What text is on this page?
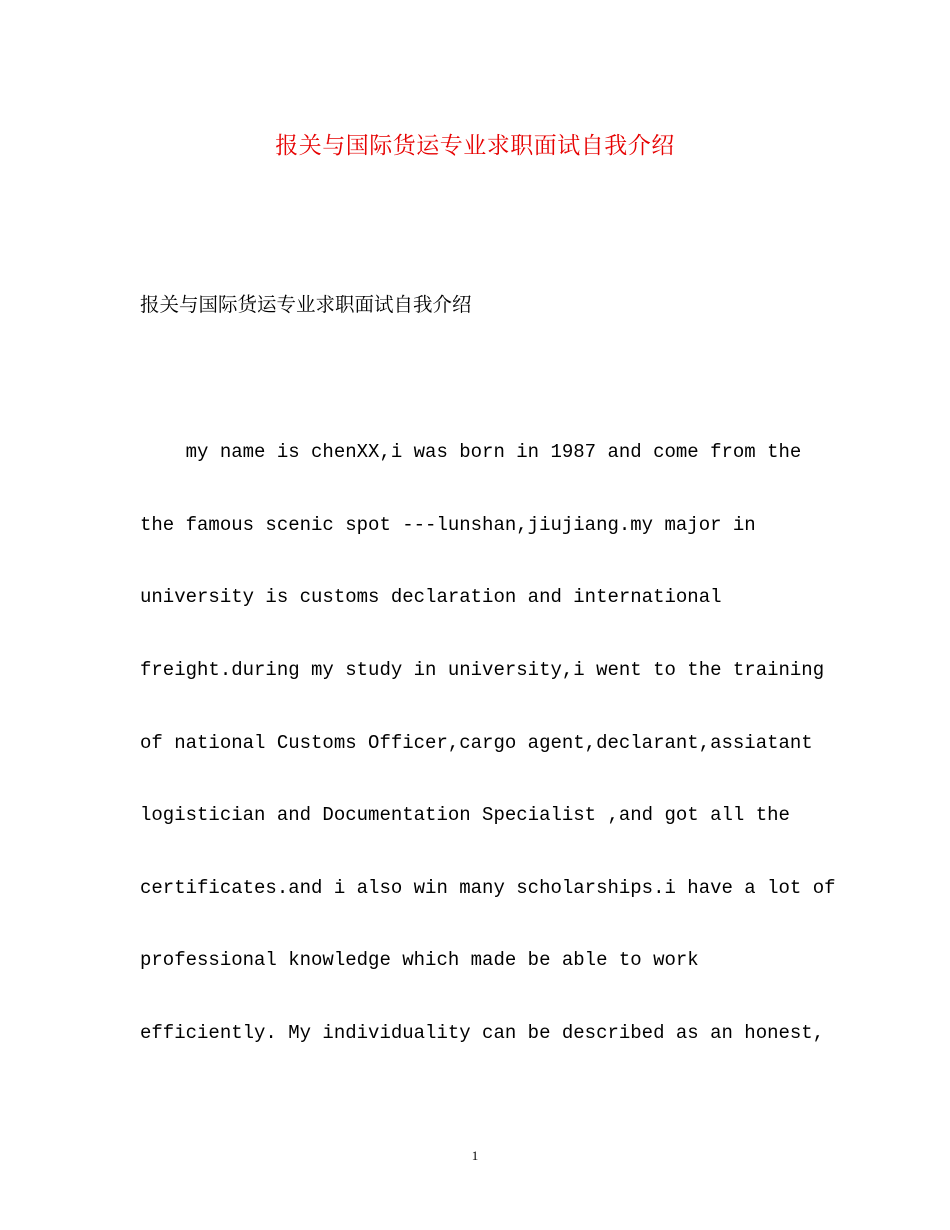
报关与国际货运专业求职面试自我介绍
报关与国际货运专业求职面试自我介绍
my name is chenXX,i was born in 1987 and come from the
the famous scenic spot ---lunshan,jiujiang.my major in
university is customs declaration and international
freight.during my study in university,i went to the training
of national Customs Officer,cargo agent,declarant,assiatant
logistician and Documentation Specialist ,and got all the
certificates.and i also win many scholarships.i have a lot of
professional knowledge which made be able to work
efficiently. My individuality can be described as an honest,
1
